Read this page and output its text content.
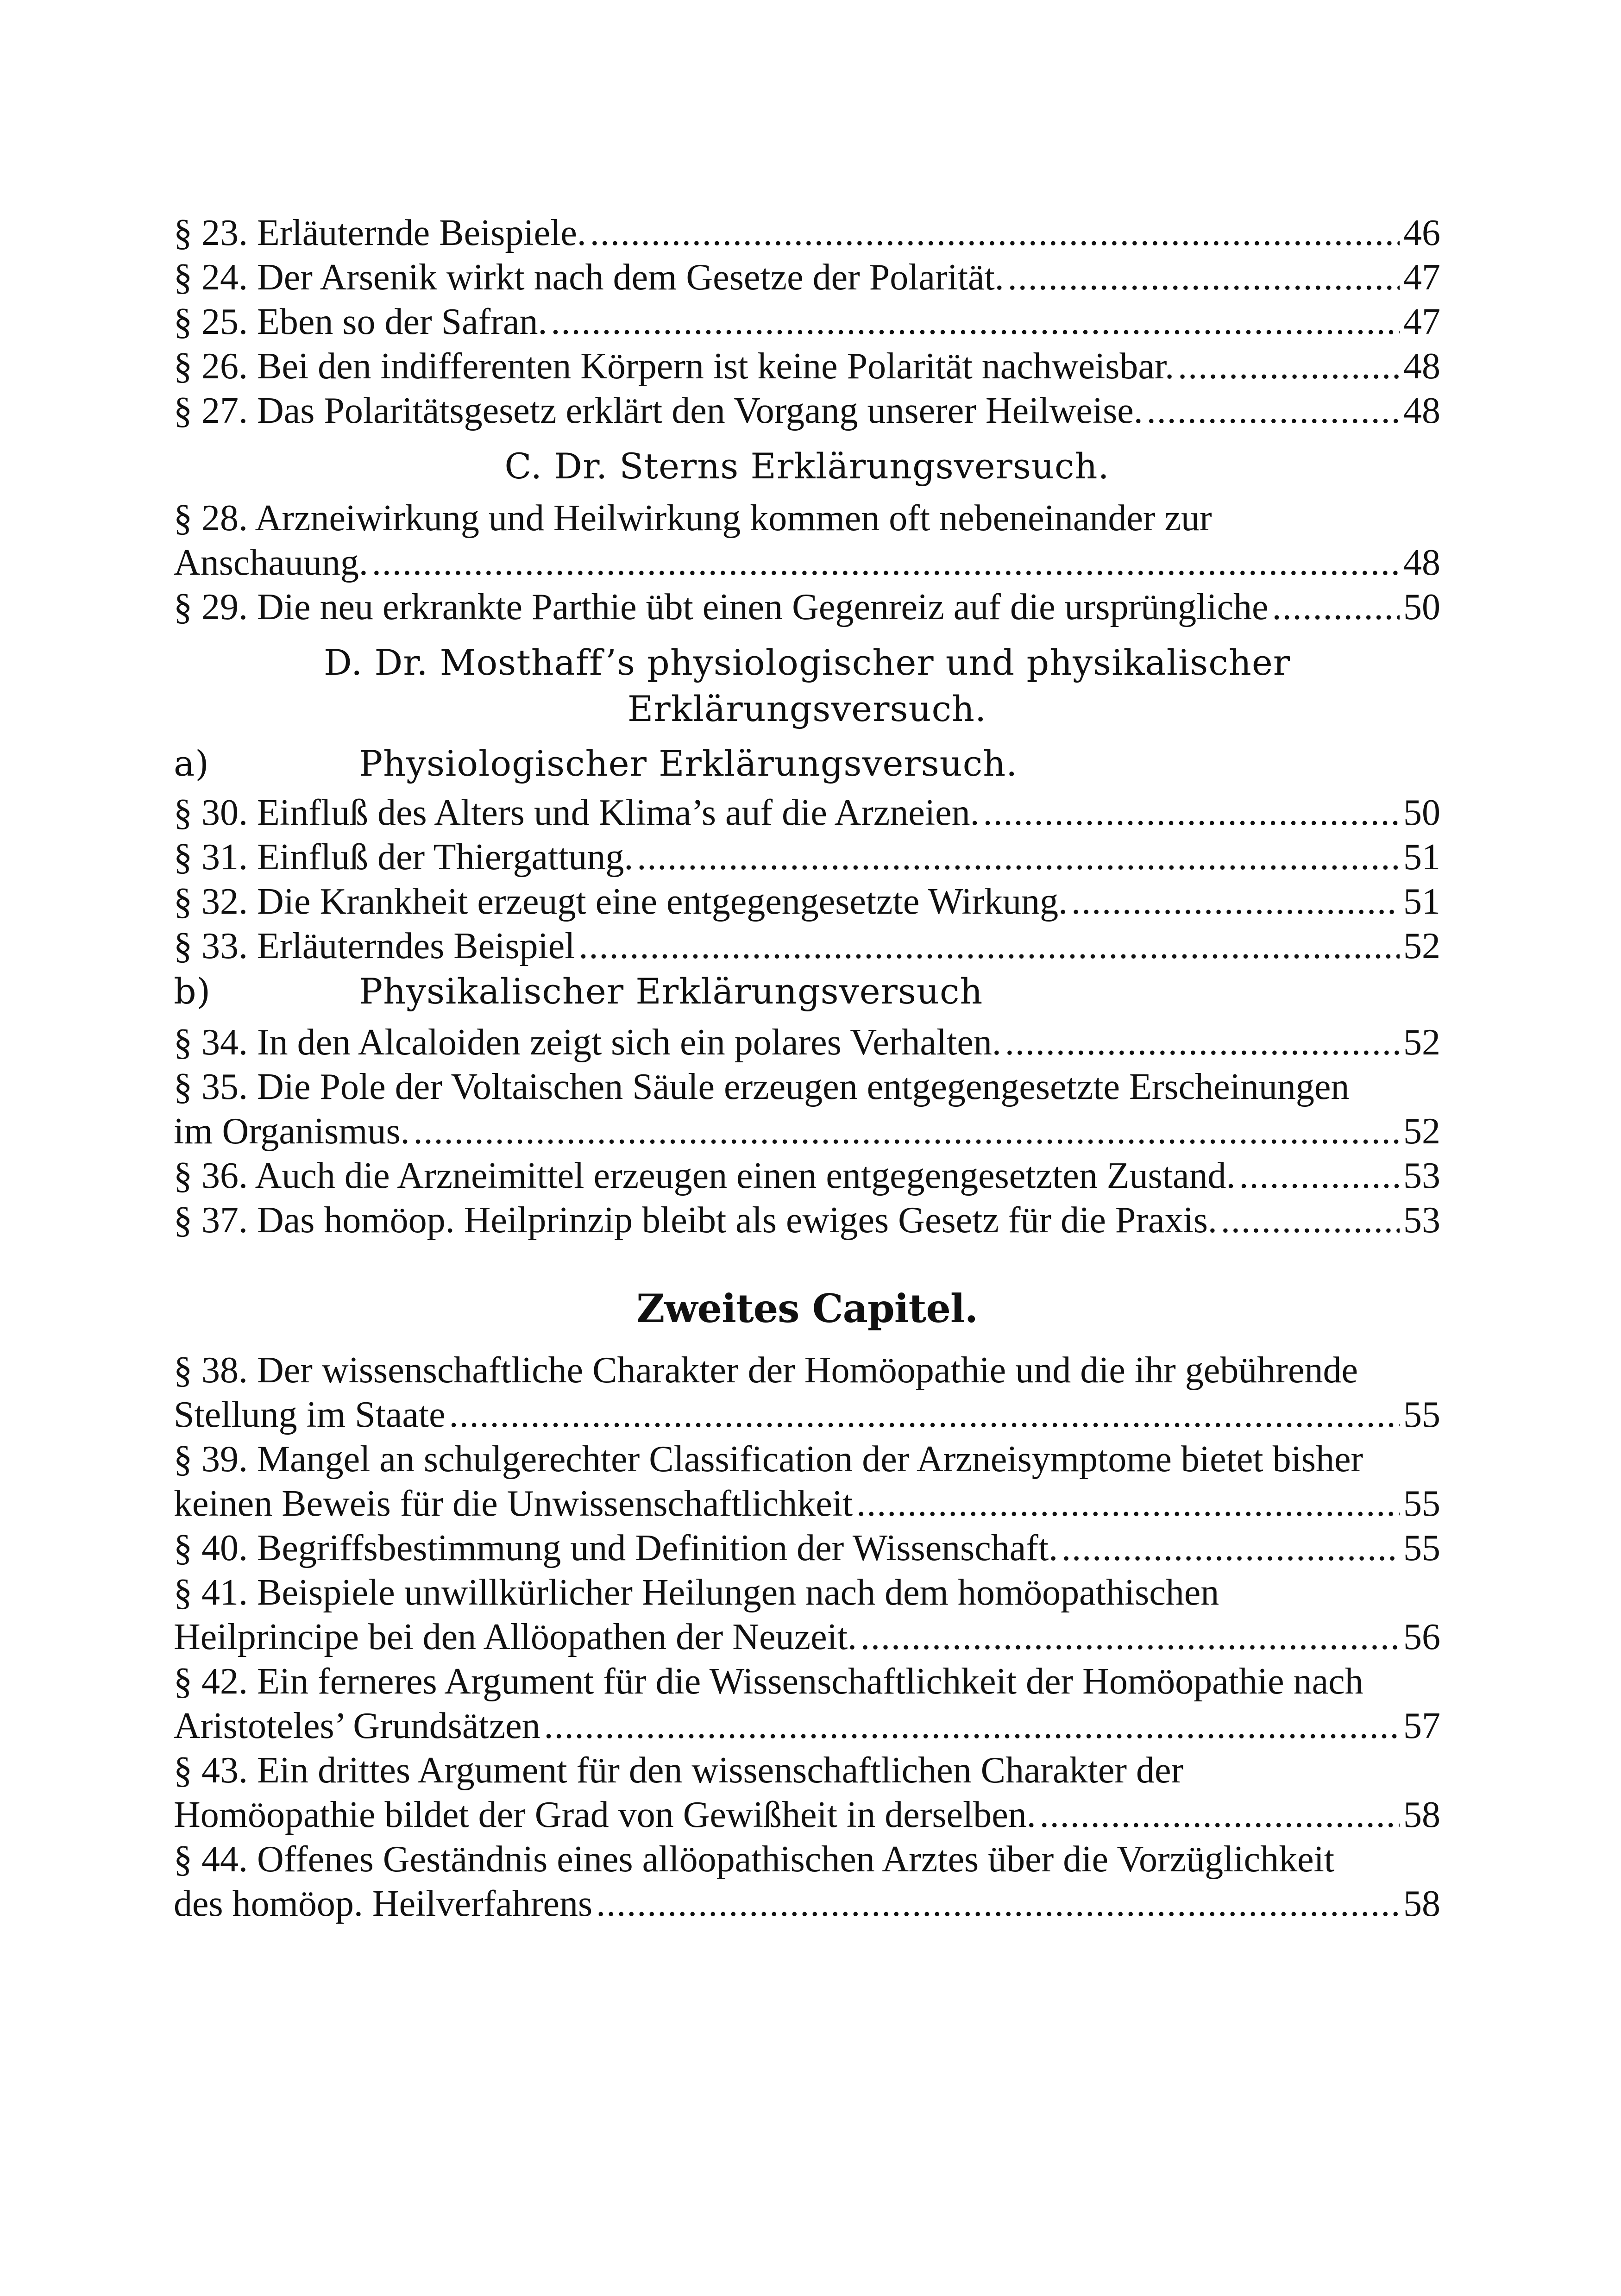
§ 23. Erläuternde Beispiele. .....	46
§ 24. Der Arsenik wirkt nach dem Gesetze der Polarität. .....	47
§ 25. Eben so der Safran. .....	47
§ 26. Bei den indifferenten Körpern ist keine Polarität nachweisbar. .....	48
§ 27. Das Polaritätsgesetz erklärt den Vorgang unserer Heilweise. .....	48
C. Dr. Sterns Erklärungsversuch.
§ 28. Arzneiwirkung und Heilwirkung kommen oft nebeneinander zur
Anschauung. .....	48
§ 29. Die neu erkrankte Parthie übt einen Gegenreiz auf die ursprüngliche .....	50
D. Dr. Mosthaff’s physiologischer und physikalischer
Erklärungsversuch.
a)	Physiologischer Erklärungsversuch.
§ 30. Einfluß des Alters und Klima’s auf die Arzneien. .....	50
§ 31. Einfluß der Thiergattung. .....	51
§ 32. Die Krankheit erzeugt eine entgegengesetzte Wirkung. .....	51
§ 33. Erläuterndes Beispiel .....	52
b)	Physikalischer Erklärungsversuch
§ 34. In den Alcaloiden zeigt sich ein polares Verhalten. .....	52
§ 35. Die Pole der Voltaischen Säule erzeugen entgegengesetzte Erscheinungen
im Organismus. .....	52
§ 36. Auch die Arzneimittel erzeugen einen entgegengesetzten Zustand. .....	53
§ 37. Das homöop. Heilprinzip bleibt als ewiges Gesetz für die Praxis. .....	53
Zweites Capitel.
§ 38. Der wissenschaftliche Charakter der Homöopathie und die ihr gebührende
Stellung im Staate .....	55
§ 39. Mangel an schulgerechter Classification der Arzneisymptome bietet bisher
keinen Beweis für die Unwissenschaftlichkeit .....	55
§ 40. Begriffsbestimmung und Definition der Wissenschaft. .....	55
§ 41. Beispiele unwillkürlicher Heilungen nach dem homöopathischen
Heilprincipe bei den Allöopathen der Neuzeit. .....	56
§ 42. Ein ferneres Argument für die Wissenschaftlichkeit der Homöopathie nach
Aristoteles’ Grundsätzen .....	57
§ 43. Ein drittes Argument für den wissenschaftlichen Charakter der
Homöopathie bildet der Grad von Gewißheit in derselben. .....	58
§ 44. Offenes Geständnis eines allöopathischen Arztes über die Vorzüglichkeit
des homöop. Heilverfahrens .....	58
